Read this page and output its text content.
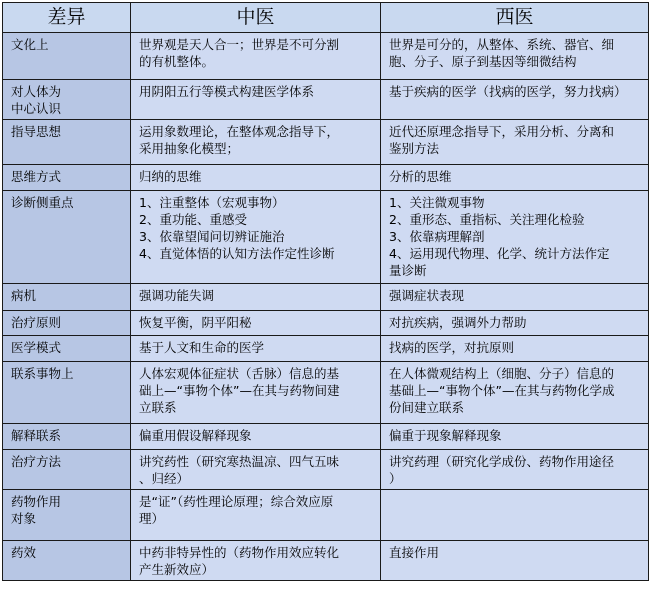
差异	中医	西医

文化上	世界观是天人合一；世界是不可分割
的有机整体。	世界是可分的，从整体、系统、器官、细
胞、分子、原子到基因等细微结构

对人体为
中心认识	用阴阳五行等模式构建医学体系	基于疾病的医学（找病的医学，努力找病）

指导思想	运用象数理论，在整体观念指导下，
采用抽象化模型；	近代还原理念指导下，采用分析、分离和
鉴别方法

思维方式	归纳的思维	分析的思维

诊断侧重点	1、注重整体（宏观事物）
2、重功能、重感受
3、依靠望闻问切辨证施治
4、直觉体悟的认知方法作定性诊断	1、关注微观事物
2、重形态、重指标、关注理化检验
3、依靠病理解剖
4、运用现代物理、化学、统计方法作定
量诊断

病机	强调功能失调	强调症状表现

治疗原则	恢复平衡，阴平阳秘	对抗疾病，强调外力帮助

医学模式	基于人文和生命的医学	找病的医学，对抗原则

联系事物上	人体宏观体征症状（舌脉）信息的基
础上—“事物个体”—在其与药物间建
立联系	在人体微观结构上（细胞、分子）信息的
基础上—“事物个体”—在其与药物化学成
份间建立联系

解释联系	偏重用假设解释现象	偏重于现象解释现象

治疗方法	讲究药性（研究寒热温凉、四气五味
、归经）	讲究药理（研究化学成份、药物作用途径
）

药物作用
对象	是“证”（药性理论原理；综合效应原
理）	

药效	中药非特异性的（药物作用效应转化
产生新效应）	直接作用
